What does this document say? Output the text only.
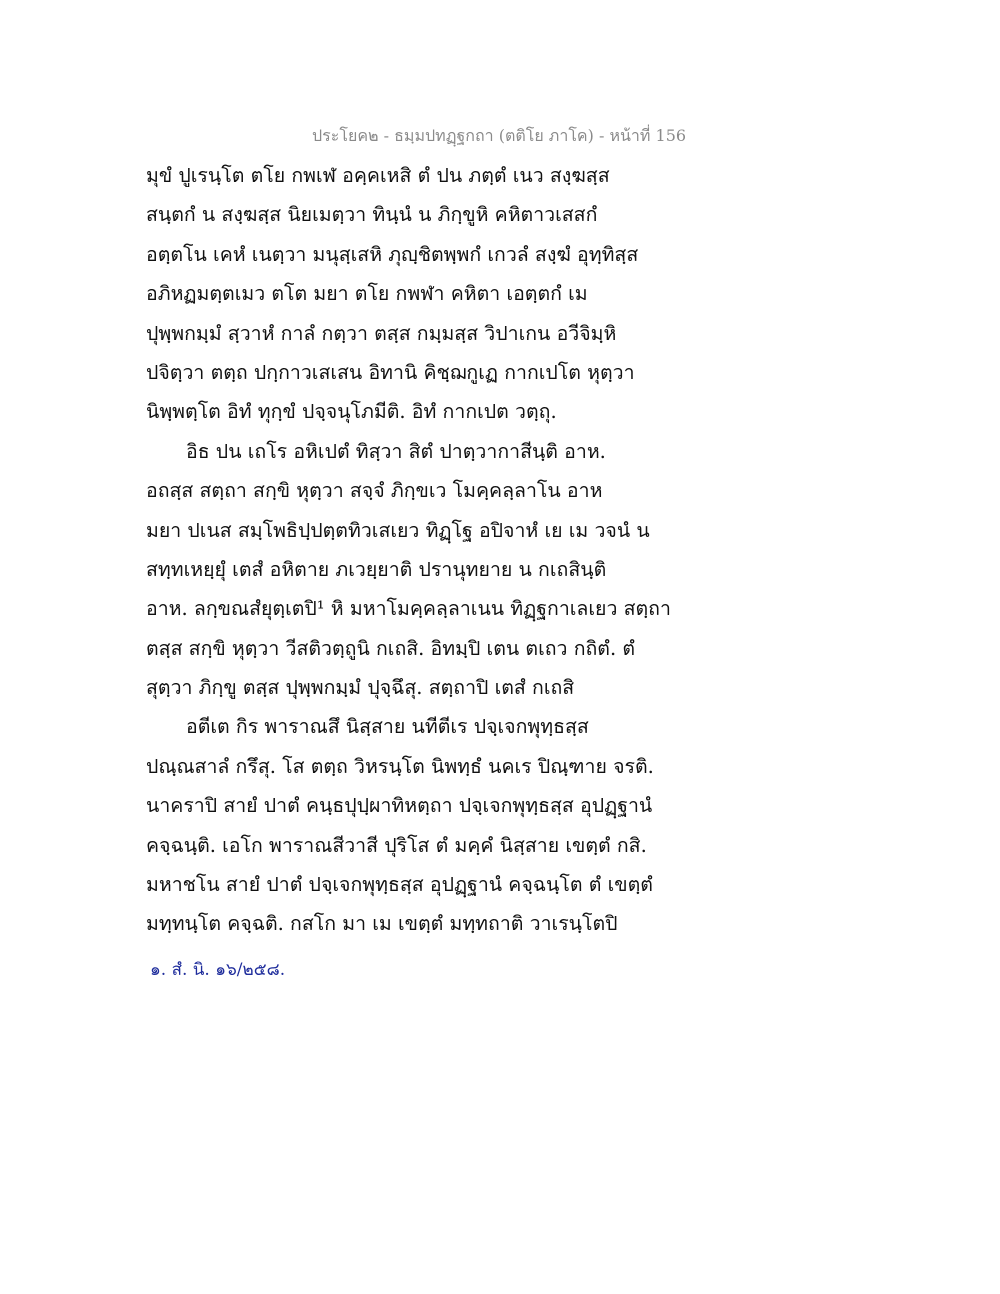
ประโยค๒ - ธมฺมปทฏฺฐกถา (ตติโย ภาโค) - หน้าที่ 156
มุขํ ปูเรนฺโต ตโย กพเฬ อคฺคเหสิ ตํ ปน ภตฺตํ เนว สงฺฆสฺส
สนฺตกํ น สงฺฆสฺส นิยเมตฺวา ทินฺนํ น ภิกฺขูหิ คหิตาวเสสกํ
อตฺตโน เคหํ เนตฺวา มนุสฺเสหิ ภุญฺชิตพฺพกํ เกวลํ สงฺฆํ อุทฺทิสฺส
อภิหฏมตฺตเมว ตโต มยา ตโย กพฬา คหิตา เอตฺตกํ เม
ปุพฺพกมฺมํ สฺวาหํ กาลํ กตฺวา ตสฺส กมฺมสฺส วิปาเกน อวีจิมฺหิ
ปจิตฺวา ตตฺถ ปกฺกาวเสเสน อิทานิ คิชฺฌกูเฏ กากเปโต หุตฺวา
นิพฺพตฺโต อิทํ ทุกฺขํ ปจฺจนุโภมีติ. อิทํ กากเปต วตฺถุ.
อิธ ปน เถโร อหิเปตํ ทิสฺวา สิตํ ปาตฺวากาสีนฺติ อาห.
อถสฺส สตฺถา สกฺขิ หุตฺวา สจฺจํ ภิกฺขเว โมคฺคลฺลาโน อาห
มยา ปเนส สมฺโพธิปฺปตฺตทิวเสเยว ทิฏฺโฐ อปิจาหํ เย เม วจนํ น
สทฺทเหยฺยุํ เตสํ อหิตาย ภเวยฺยาติ ปรานุทยาย น กเถสินฺติ
อาห. ลกฺขณสํยุตฺเตปิ¹ หิ มหาโมคฺคลฺลาเนน ทิฏฺฐกาเลเยว สตฺถา
ตสฺส สกฺขิ หุตฺวา วีสติวตฺถูนิ กเถสิ. อิทมฺปิ เตน ตเถว กถิตํ. ตํ
สุตฺวา ภิกฺขู ตสฺส ปุพฺพกมฺมํ ปุจฺฉึสุ. สตฺถาปิ เตสํ กเถสิ
อตีเต กิร พาราณสึ นิสฺสาย นทีตีเร ปจฺเจกพุทฺธสฺส
ปณฺณสาลํ กรึสุ. โส ตตฺถ วิหรนฺโต นิพทฺธํ นคเร ปิณฺฑาย จรติ.
นาคราปิ สายํ ปาตํ คนฺธปุปฺผาทิหตฺถา ปจฺเจกพุทฺธสฺส อุปฏฺฐานํ
คจฺฉนฺติ. เอโก พาราณสีวาสี ปุริโส ตํ มคฺคํ นิสฺสาย เขตฺตํ กสิ.
มหาชโน สายํ ปาตํ ปจฺเจกพุทฺธสฺส อุปฏฺฐานํ คจฺฉนฺโต ตํ เขตฺตํ
มทฺทนฺโต คจฺฉติ. กสโก มา เม เขตฺตํ มทฺทถาติ วาเรนฺโตปิ
๑. สํ. นิ. ๑๖/๒๕๘.
